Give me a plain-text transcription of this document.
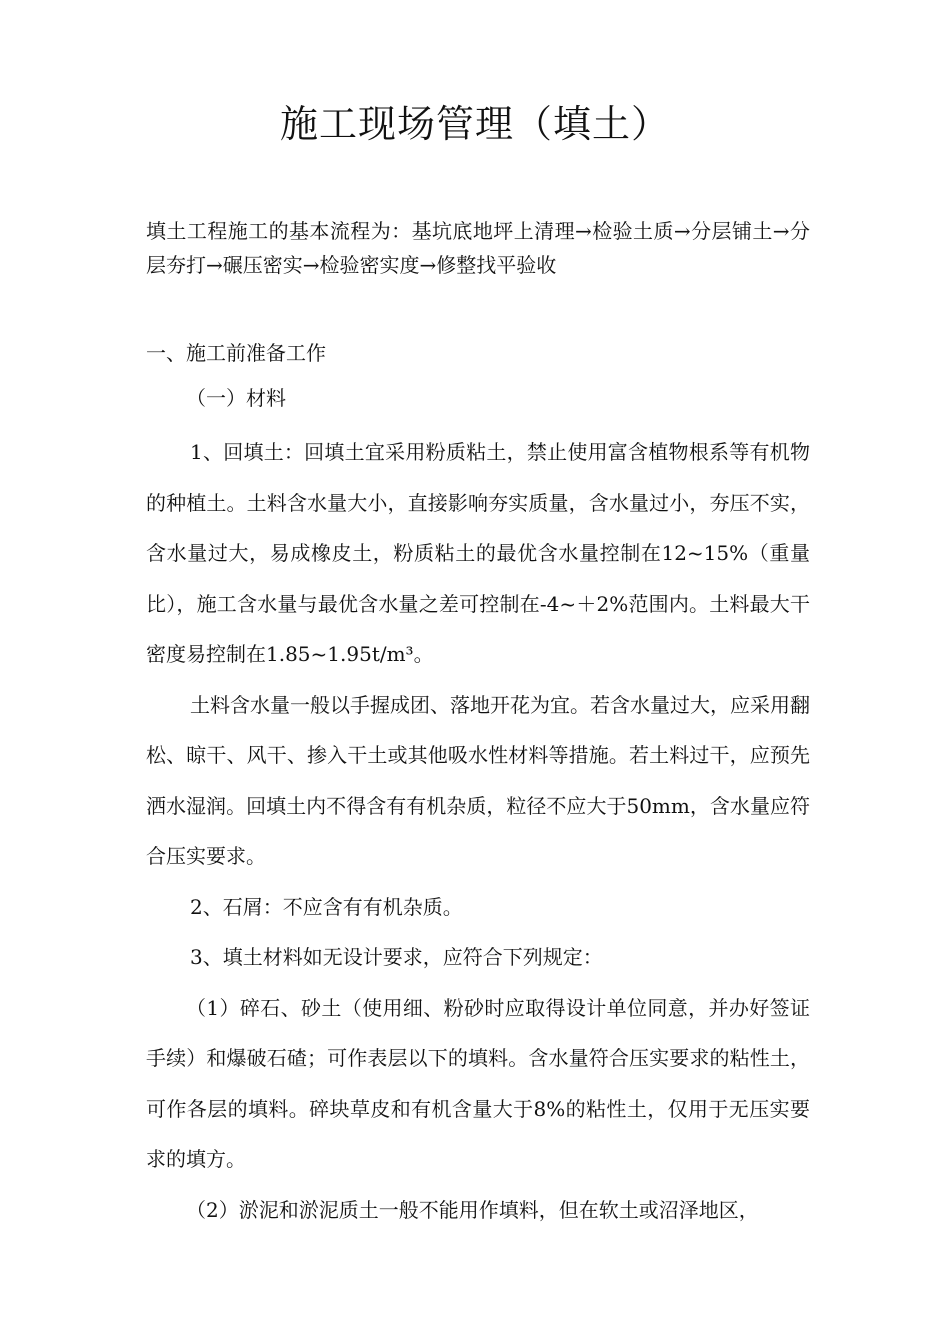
施工现场管理（填土）

填土工程施工的基本流程为：基坑底地坪上清理→检验土质→分层铺土→分层夯打→碾压密实→检验密实度→修整找平验收

一、施工前准备工作

（一）材料

1、回填土：回填土宜采用粉质粘土，禁止使用富含植物根系等有机物的种植土。土料含水量大小，直接影响夯实质量，含水量过小，夯压不实，含水量过大，易成橡皮土，粉质粘土的最优含水量控制在12~15%（重量比），施工含水量与最优含水量之差可控制在-4~＋2%范围内。土料最大干密度易控制在1.85~1.95t/m³。

土料含水量一般以手握成团、落地开花为宜。若含水量过大，应采用翻松、晾干、风干、掺入干土或其他吸水性材料等措施。若土料过干，应预先洒水湿润。回填土内不得含有有机杂质，粒径不应大于50mm，含水量应符合压实要求。

2、石屑：不应含有有机杂质。

3、填土材料如无设计要求，应符合下列规定：

（1）碎石、砂土（使用细、粉砂时应取得设计单位同意，并办好签证手续）和爆破石碴；可作表层以下的填料。含水量符合压实要求的粘性土，可作各层的填料。碎块草皮和有机含量大于8%的粘性土，仅用于无压实要求的填方。

（2）淤泥和淤泥质土一般不能用作填料，但在软土或沼泽地区，
